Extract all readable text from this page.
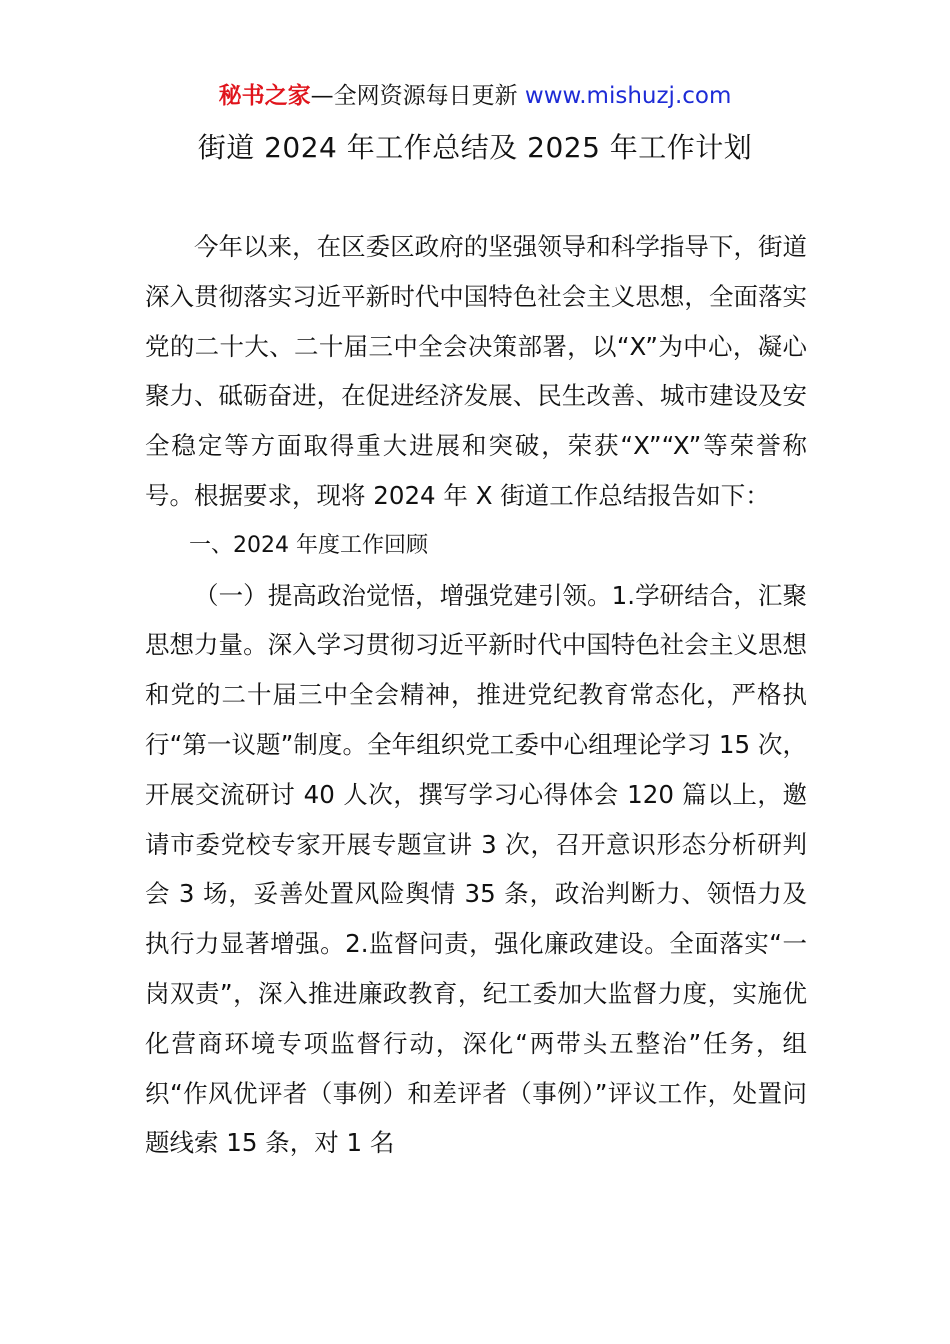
秘书之家—全网资源每日更新 www.mishuzj.com
街道 2024 年工作总结及 2025 年工作计划

今年以来，在区委区政府的坚强领导和科学指导下，街道深入贯彻落实习近平新时代中国特色社会主义思想，全面落实党的二十大、二十届三中全会决策部署，以“X”为中心，凝心聚力、砥砺奋进，在促进经济发展、民生改善、城市建设及安全稳定等方面取得重大进展和突破，荣获“X”“X”等荣誉称号。根据要求，现将 2024 年 X 街道工作总结报告如下：

一、2024 年度工作回顾

（一）提高政治觉悟，增强党建引领。1.学研结合，汇聚思想力量。深入学习贯彻习近平新时代中国特色社会主义思想和党的二十届三中全会精神，推进党纪教育常态化，严格执行“第一议题”制度。全年组织党工委中心组理论学习 15 次，开展交流研讨 40 人次，撰写学习心得体会 120 篇以上，邀请市委党校专家开展专题宣讲 3 次，召开意识形态分析研判会 3 场，妥善处置风险舆情 35 条，政治判断力、领悟力及执行力显著增强。2.监督问责，强化廉政建设。全面落实“一岗双责”，深入推进廉政教育，纪工委加大监督力度，实施优化营商环境专项监督行动，深化“两带头五整治”任务，组织“作风优评者（事例）和差评者（事例）”评议工作，处置问题线索 15 条，对 1 名
